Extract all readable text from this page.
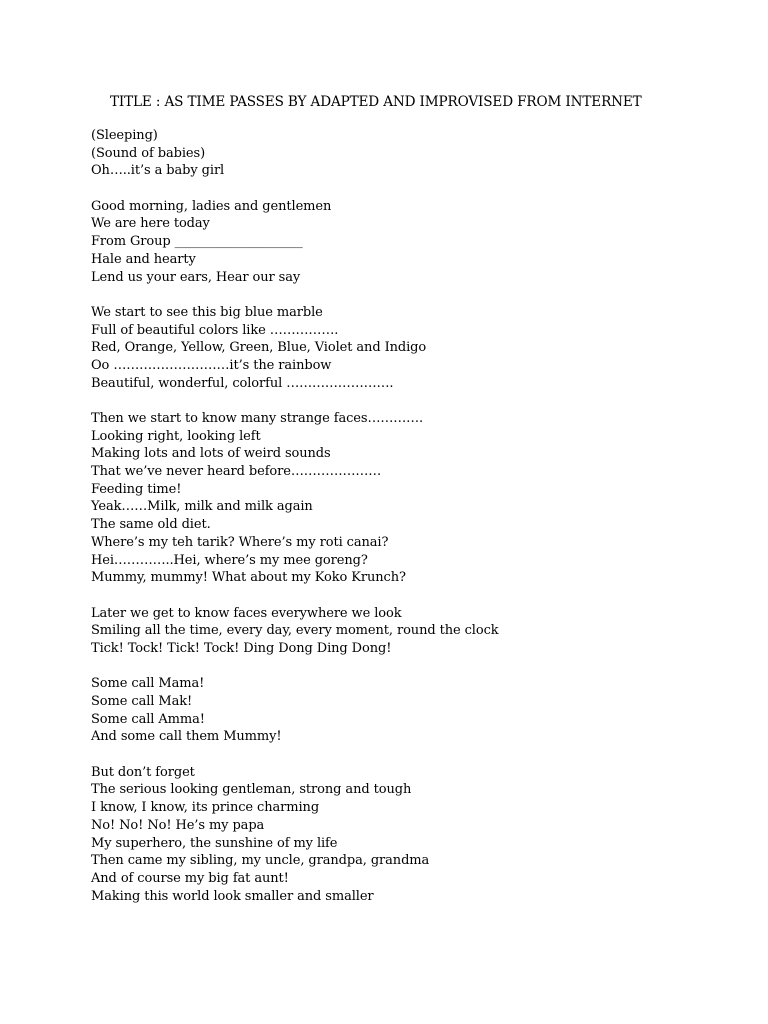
TITLE : AS TIME PASSES BY ADAPTED AND IMPROVISED FROM INTERNET
(Sleeping)
(Sound of babies)
Oh…..it’s a baby girl
Good morning, ladies and gentlemen
We are here today
From Group ____________________
Hale and hearty
Lend us your ears, Hear our say
We start to see this big blue marble
Full of beautiful colors like …………….
Red, Orange, Yellow, Green, Blue, Violet and Indigo
Oo ………………………it’s the rainbow
Beautiful, wonderful, colorful …………………….
Then we start to know many strange faces………….
Looking right, looking left
Making lots and lots of weird sounds
That we’ve never heard before…………………
Feeding time!
Yeak……Milk, milk and milk again
The same old diet.
Where’s my teh tarik? Where’s my roti canai?
Hei…………..Hei, where’s my mee goreng?
Mummy, mummy! What about my Koko Krunch?
Later we get to know faces everywhere we look
Smiling all the time, every day, every moment, round the clock
Tick! Tock! Tick! Tock! Ding Dong Ding Dong!
Some call Mama!
Some call Mak!
Some call Amma!
And some call them Mummy!
But don’t forget
The serious looking gentleman, strong and tough
I know, I know, its prince charming
No! No! No! He’s my papa
My superhero, the sunshine of my life
Then came my sibling, my uncle, grandpa, grandma
And of course my big fat aunt!
Making this world look smaller and smaller
